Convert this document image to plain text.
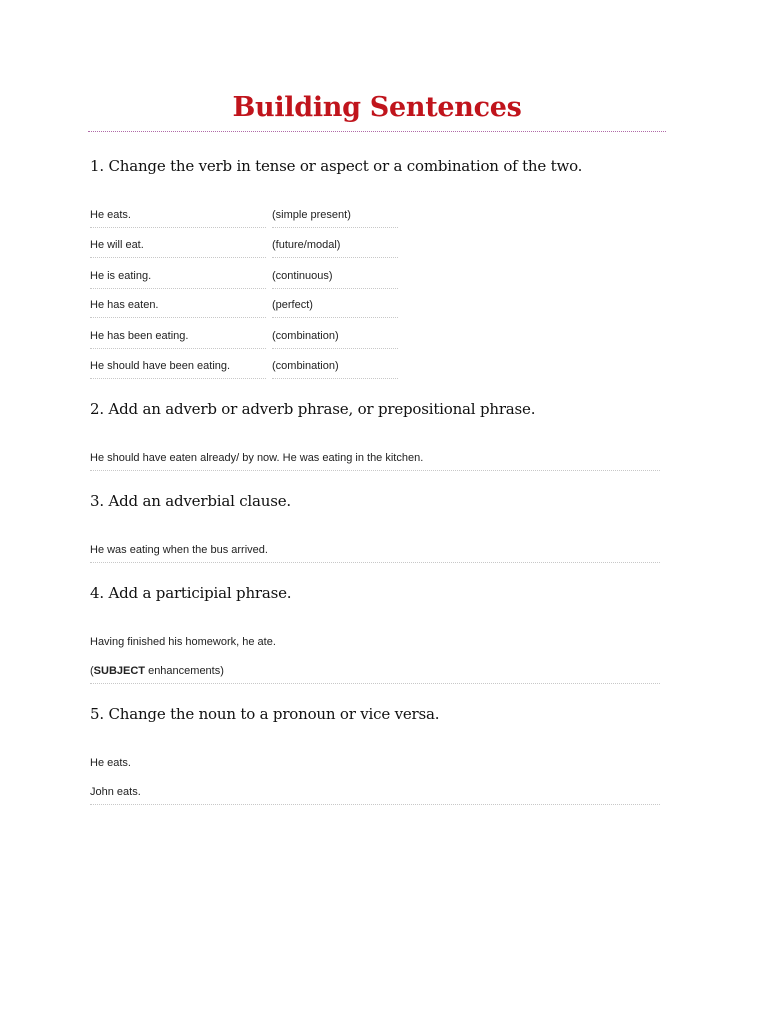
Building Sentences
1. Change the verb in tense or aspect or a combination of the two.
He eats.	(simple present)
He will eat.	(future/modal)
He is eating.	(continuous)
He has eaten.	(perfect)
He has been eating.	(combination)
He should have been eating.	(combination)
2. Add an adverb or adverb phrase, or prepositional phrase.
He should have eaten already/ by now. He was eating in the kitchen.
3. Add an adverbial clause.
He was eating when the bus arrived.
4. Add a participial phrase.
Having finished his homework, he ate.
(SUBJECT enhancements)
5. Change the noun to a pronoun or vice versa.
He eats.
John eats.
